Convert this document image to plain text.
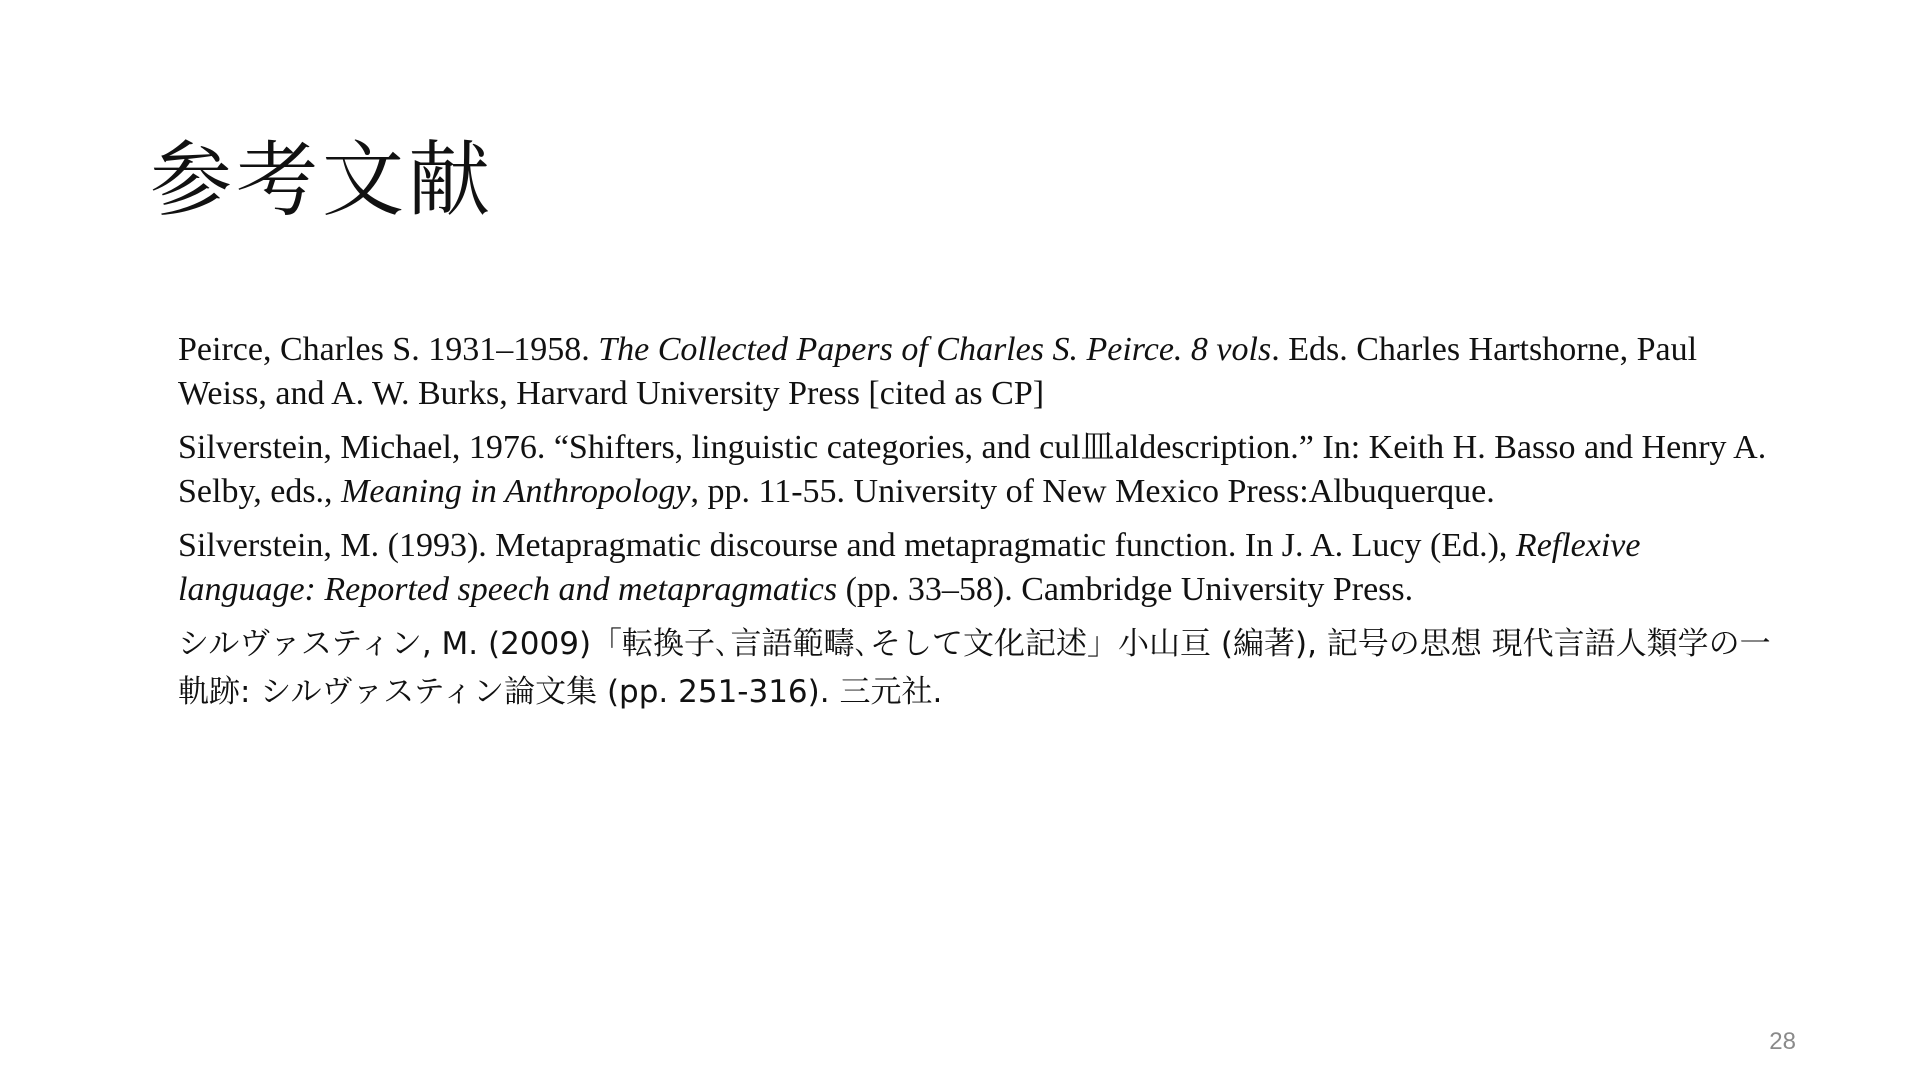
参考文献

Peirce, Charles S. 1931–1958. The Collected Papers of Charles S. Peirce. 8 vols. Eds. Charles Hartshorne, Paul Weiss, and A. W. Burks, Harvard University Press [cited as CP]

Silverstein, Michael, 1976. “Shifters, linguistic categories, and cul皿aldescription.” In: Keith H. Basso and Henry A. Selby, eds., Meaning in Anthropology, pp. 11-55. University of New Mexico Press:Albuquerque.

Silverstein, M. (1993). Metapragmatic discourse and metapragmatic function. In J. A. Lucy (Ed.), Reflexive language: Reported speech and metapragmatics (pp. 33–58). Cambridge University Press.

シルヴァスティン, M. (2009)「転換子､言語範疇､そして文化記述」小山亘 (編著), 記号の思想 現代言語人類学の一軌跡: シルヴァスティン論文集 (pp. 251-316). 三元社.

28
